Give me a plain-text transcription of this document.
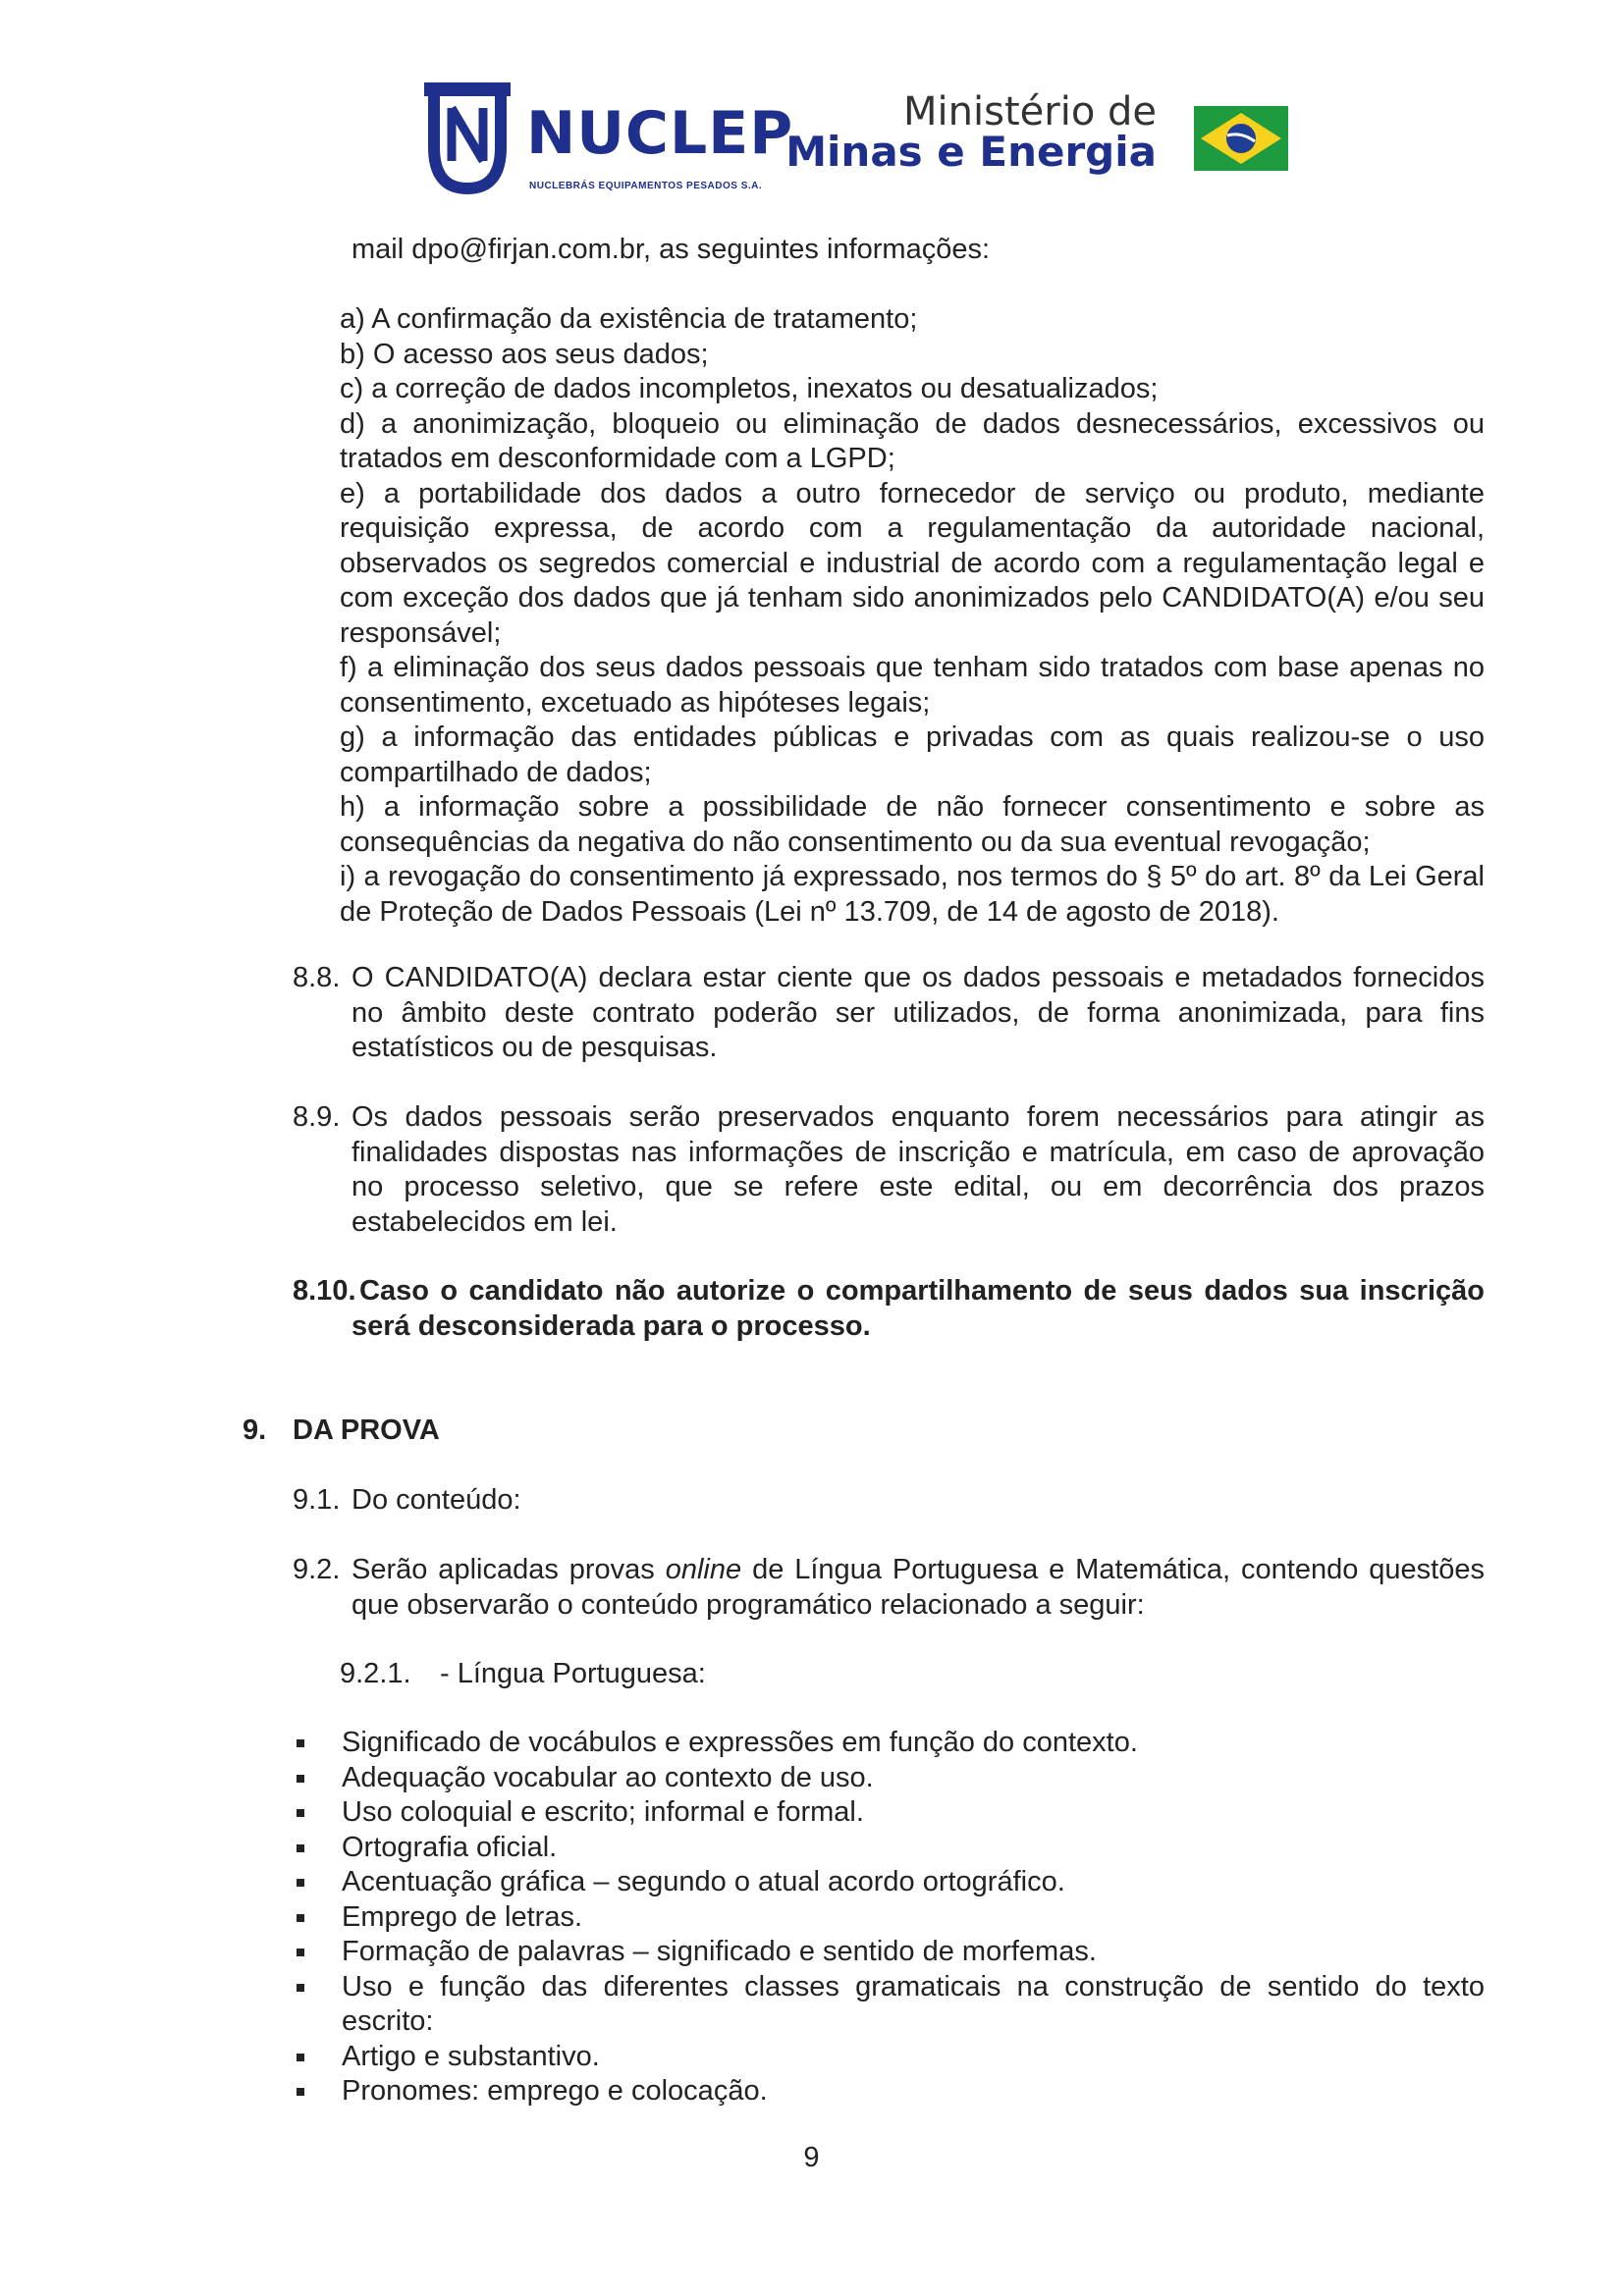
NUCLEP
NUCLEBRÁS EQUIPAMENTOS PESADOS S.A.
Ministério de
Minas e Energia

mail dpo@firjan.com.br, as seguintes informações:

a) A confirmação da existência de tratamento;
b) O acesso aos seus dados;
c) a correção de dados incompletos, inexatos ou desatualizados;
d) a anonimização, bloqueio ou eliminação de dados desnecessários, excessivos ou tratados em desconformidade com a LGPD;
e) a portabilidade dos dados a outro fornecedor de serviço ou produto, mediante requisição expressa, de acordo com a regulamentação da autoridade nacional, observados os segredos comercial e industrial de acordo com a regulamentação legal e com exceção dos dados que já tenham sido anonimizados pelo CANDIDATO(A) e/ou seu responsável;
f) a eliminação dos seus dados pessoais que tenham sido tratados com base apenas no consentimento, excetuado as hipóteses legais;
g) a informação das entidades públicas e privadas com as quais realizou-se o uso compartilhado de dados;
h) a informação sobre a possibilidade de não fornecer consentimento e sobre as consequências da negativa do não consentimento ou da sua eventual revogação;
i) a revogação do consentimento já expressado, nos termos do § 5º do art. 8º da Lei Geral de Proteção de Dados Pessoais (Lei nº 13.709, de 14 de agosto de 2018).
8.8. O CANDIDATO(A) declara estar ciente que os dados pessoais e metadados fornecidos no âmbito deste contrato poderão ser utilizados, de forma anonimizada, para fins estatísticos ou de pesquisas.

8.9. Os dados pessoais serão preservados enquanto forem necessários para atingir as finalidades dispostas nas informações de inscrição e matrícula, em caso de aprovação no processo seletivo, que se refere este edital, ou em decorrência dos prazos estabelecidos em lei.

8.10. Caso o candidato não autorize o compartilhamento de seus dados sua inscrição será desconsiderada para o processo.

9. DA PROVA
9.1. Do conteúdo:
9.2. Serão aplicadas provas online de Língua Portuguesa e Matemática, contendo questões que observarão o conteúdo programático relacionado a seguir:

9.2.1. - Língua Portuguesa:
Significado de vocábulos e expressões em função do contexto.
Adequação vocabular ao contexto de uso.
Uso coloquial e escrito; informal e formal.
Ortografia oficial.
Acentuação gráfica – segundo o atual acordo ortográfico.
Emprego de letras.
Formação de palavras – significado e sentido de morfemas.
Uso e função das diferentes classes gramaticais na construção de sentido do texto escrito:
Artigo e substantivo.
Pronomes: emprego e colocação.
9
